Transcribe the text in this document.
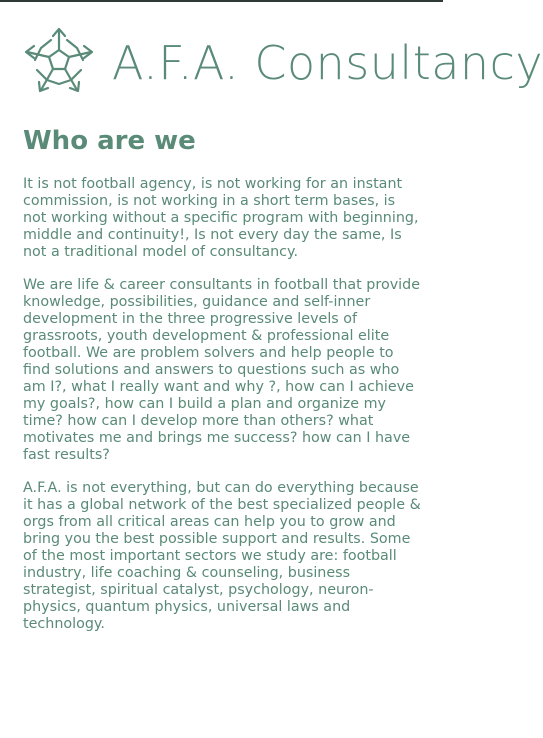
A.F.A. Consultancy
Who are we

It is not football agency, is not working for an instant commission, is not working in a short term bases, is not working without a specific program with beginning, middle and continuity!, Is not every day the same, Is not a traditional model of consultancy.

We are life & career consultants in football that provide knowledge, possibilities, guidance and self-inner development in the three progressive levels of grassroots, youth development & professional elite football. We are problem solvers and help people to find solutions and answers to questions such as who am I?, what I really want and why ?, how can I achieve my goals?, how can I build a plan and organize my time? how can I develop more than others? what motivates me and brings me success? how can I have fast results?

A.F.A. is not everything, but can do everything because it has a global network of the best specialized people & orgs from all critical areas can help you to grow and bring you the best possible support and results. Some of the most important sectors we study are: football industry, life coaching & counseling, business strategist, spiritual catalyst, psychology, neuron-physics, quantum physics, universal laws and technology.
